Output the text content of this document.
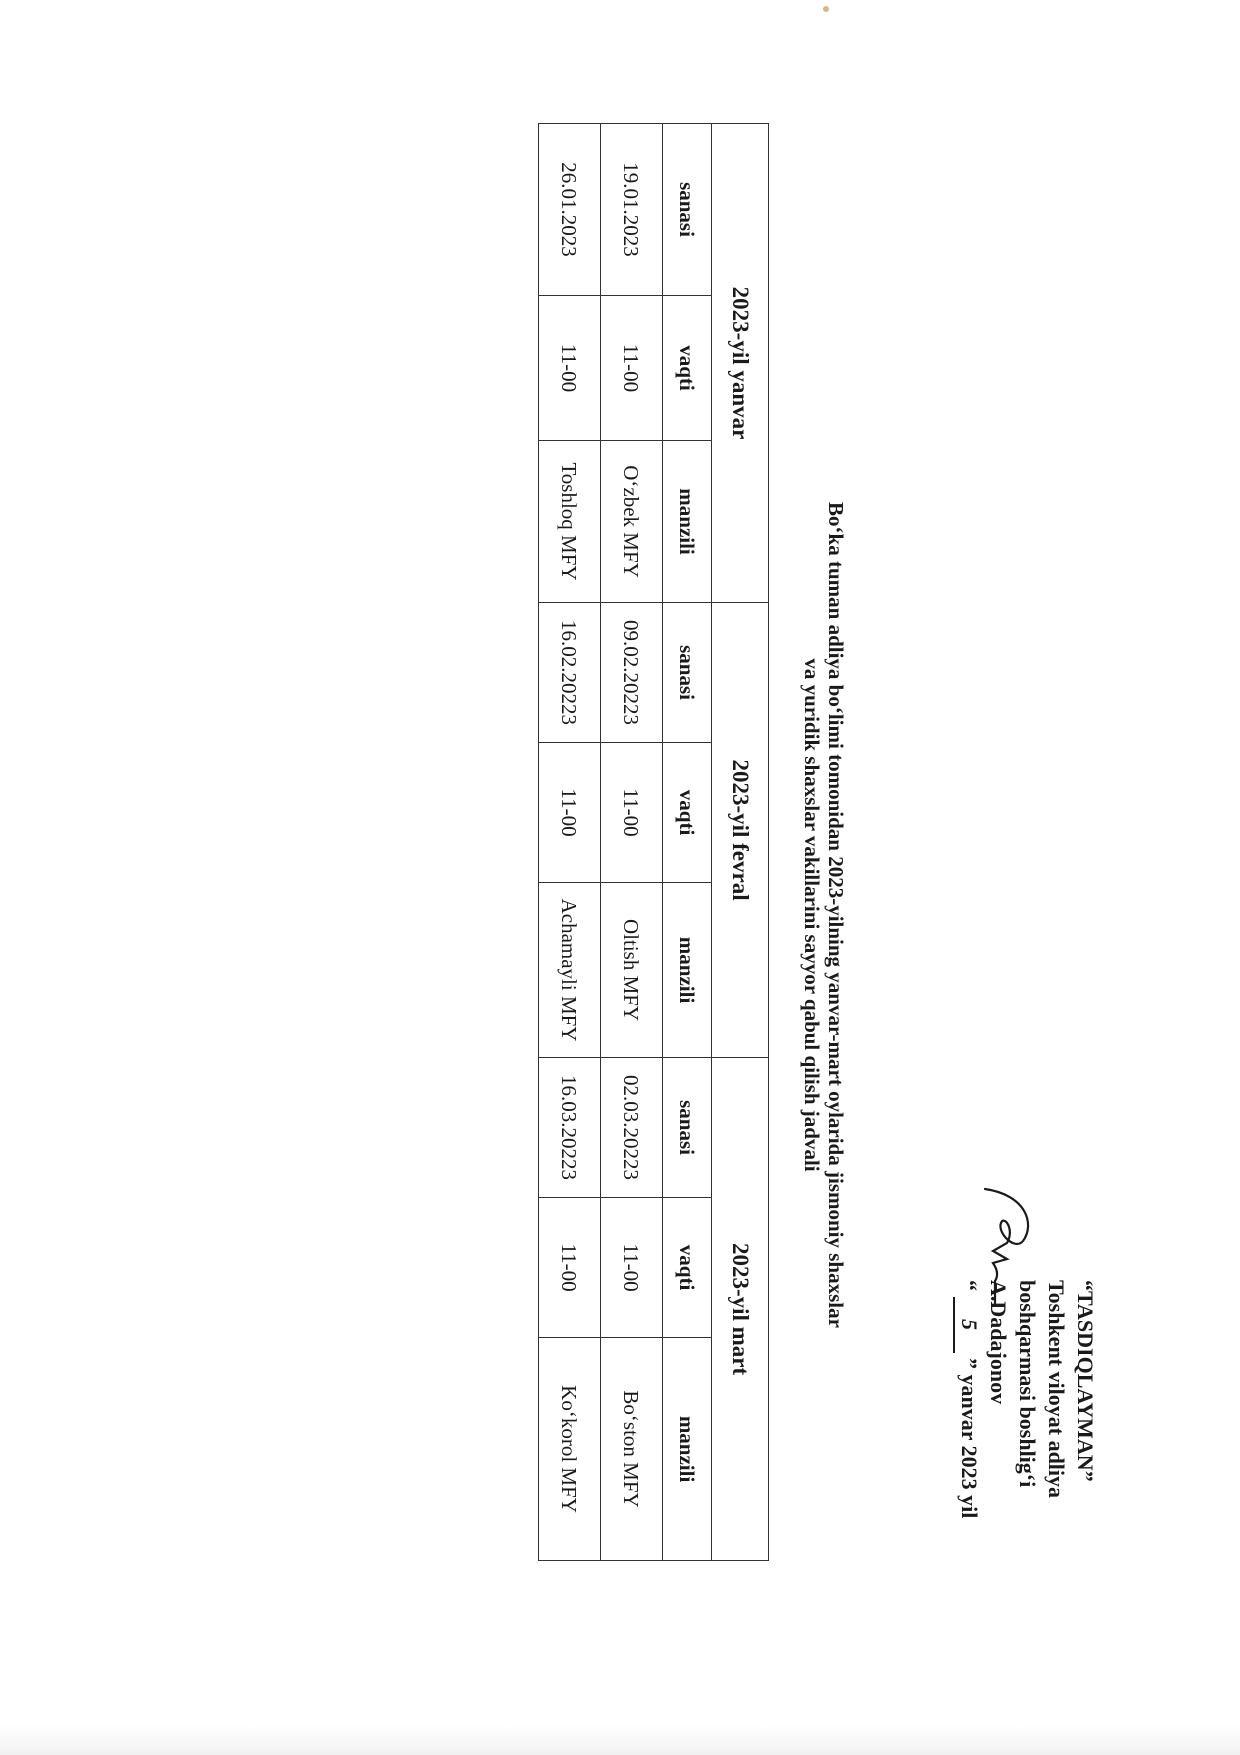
“TASDIQLAYMAN”
Toshkent viloyat adliya
boshqarmasi boshlig‘i
A.Dadajonov
“ 5 ” yanvar 2023 yil
Bo‘ka tuman adliya bo‘limi tomonidan 2023-yilning yanvar-mart oylarida jismoniy shaxslar
va yuridik shaxslar vakillarini sayyor qabul qilish jadvali
2023-yil yanvar			2023-yil fevral			2023-yil mart		
sanasi	vaqti	manzili	sanasi	vaqti	manzili	sanasi	vaqti	manzili
19.01.2023	11-00	O‘zbek MFY	09.02.20223	11-00	Oltish MFY	02.03.20223	11-00	Bo‘ston MFY
26.01.2023	11-00	Toshloq MFY	16.02.20223	11-00	Achamayli MFY	16.03.20223	11-00	Ko‘korol MFY
